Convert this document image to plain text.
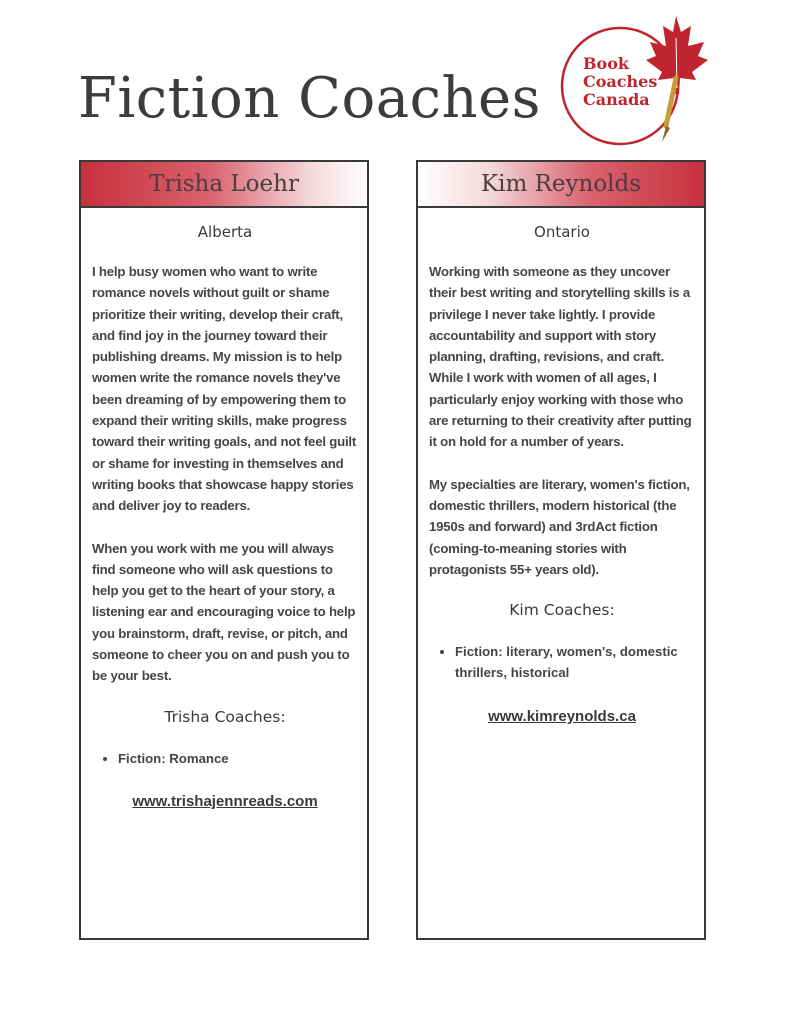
Fiction Coaches
Book
Coaches
Canada
Trisha Loehr
Alberta

I help busy women who want to write romance novels without guilt or shame prioritize their writing, develop their craft, and find joy in the journey toward their publishing dreams. My mission is to help women write the romance novels they've been dreaming of by empowering them to expand their writing skills, make progress toward their writing goals, and not feel guilt or shame for investing in themselves and writing books that showcase happy stories and deliver joy to readers.

When you work with me you will always find someone who will ask questions to help you get to the heart of your story, a listening ear and encouraging voice to help you brainstorm, draft, revise, or pitch, and someone to cheer you on and push you to be your best.

Trisha Coaches:
• Fiction: Romance
www.trishajennreads.com
Kim Reynolds
Ontario

Working with someone as they uncover their best writing and storytelling skills is a privilege I never take lightly. I provide accountability and support with story planning, drafting, revisions, and craft. While I work with women of all ages, I particularly enjoy working with those who are returning to their creativity after putting it on hold for a number of years.

My specialties are literary, women's fiction, domestic thrillers, modern historical (the 1950s and forward) and 3rdAct fiction (coming-to-meaning stories with protagonists 55+ years old).

Kim Coaches:
• Fiction: literary, women's, domestic thrillers, historical
www.kimreynolds.ca
